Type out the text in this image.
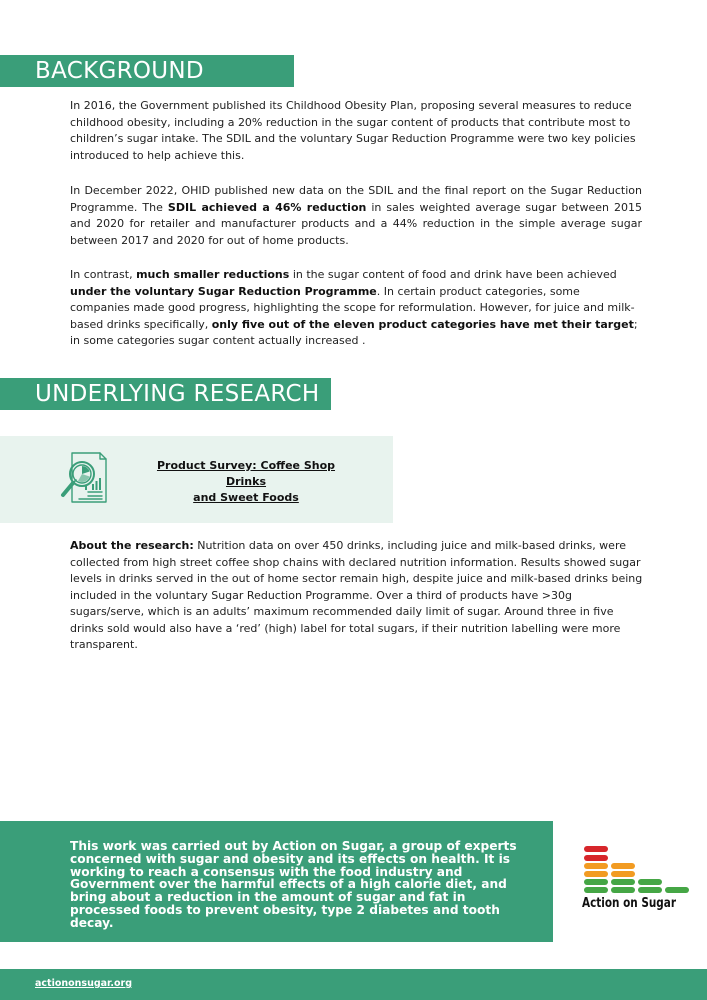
BACKGROUND

In 2016, the Government published its Childhood Obesity Plan, proposing several measures to reduce childhood obesity, including a 20% reduction in the sugar content of products that contribute most to children’s sugar intake. The SDIL and the voluntary Sugar Reduction Programme were two key policies introduced to help achieve this.

In December 2022, OHID published new data on the SDIL and the final report on the Sugar Reduction Programme. The SDIL achieved a 46% reduction in sales weighted average sugar between 2015 and 2020 for retailer and manufacturer products and a 44% reduction in the simple average sugar between 2017 and 2020 for out of home products.

In contrast, much smaller reductions in the sugar content of food and drink have been achieved under the voluntary Sugar Reduction Programme. In certain product categories, some companies made good progress, highlighting the scope for reformulation. However, for juice and milk-based drinks specifically, only five out of the eleven product categories have met their target; in some categories sugar content actually increased .

UNDERLYING RESEARCH
Product Survey: Coffee Shop Drinks
and Sweet Foods

About the research: Nutrition data on over 450 drinks, including juice and milk-based drinks, were collected from high street coffee shop chains with declared nutrition information. Results showed sugar levels in drinks served in the out of home sector remain high, despite juice and milk-based drinks being included in the voluntary Sugar Reduction Programme. Over a third of products have >30g sugars/serve, which is an adults’ maximum recommended daily limit of sugar. Around three in five drinks sold would also have a ‘red’ (high) label for total sugars, if their nutrition labelling were more transparent.

This work was carried out by Action on Sugar, a group of experts concerned with sugar and obesity and its effects on health. It is working to reach a consensus with the food industry and Government over the harmful effects of a high calorie diet, and bring about a reduction in the amount of sugar and fat in processed foods to prevent obesity, type 2 diabetes and tooth decay.

Action on Sugar
actiononsugar.org
